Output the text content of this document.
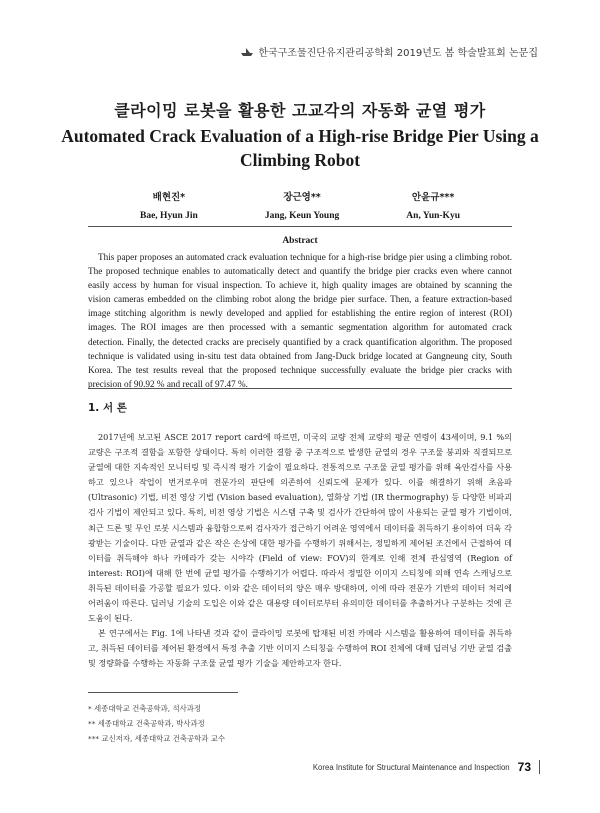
한국구조물진단유지관리공학회 2019년도 봄 학술발표회 논문집
클라이밍 로봇을 활용한 고교각의 자동화 균열 평가
Automated Crack Evaluation of a High-rise Bridge Pier Using a Climbing Robot
배현진*
Bae, Hyun Jin
장근영**
Jang, Keun Young
안윤규***
An, Yun-Kyu
Abstract

This paper proposes an automated crack evaluation technique for a high-rise bridge pier using a climbing robot. The proposed technique enables to automatically detect and quantify the bridge pier cracks even where cannot easily access by human for visual inspection. To achieve it, high quality images are obtained by scanning the vision cameras embedded on the climbing robot along the bridge pier surface. Then, a feature extraction-based image stitching algorithm is newly developed and applied for establishing the entire region of interest (ROI) images. The ROI images are then processed with a semantic segmentation algorithm for automated crack detection. Finally, the detected cracks are precisely quantified by a crack quantification algorithm. The proposed technique is validated using in-situ test data obtained from Jang-Duck bridge located at Gangneung city, South Korea. The test results reveal that the proposed technique successfully evaluate the bridge pier cracks with precision of 90.92 % and recall of 97.47 %.

1. 서 론

2017년에 보고된 ASCE 2017 report card에 따르면, 미국의 교량 전체 교량의 평균 연령이 43세이며, 9.1 %의 교량은 구조적 결함을 포함한 상태이다. 특히 이러한 결함 중 구조적으로 발생한 균열의 경우 구조물 붕괴와 직결되므로 균열에 대한 지속적인 모니터링 및 즉시적 평가 기술이 필요하다. 전통적으로 구조물 균열 평가를 위해 육안검사를 사용하고 있으나 작업이 번거로우며 전문가의 판단에 의존하여 신뢰도에 문제가 있다. 이를 해결하기 위해 초음파 (Ultrasonic) 기법, 비전 영상 기법 (Vision based evaluation), 열화상 기법 (IR thermography) 등 다양한 비파괴 검사 기법이 제안되고 있다. 특히, 비전 영상 기법은 시스템 구축 및 검사가 간단하여 많이 사용되는 균열 평가 기법이며, 최근 드론 및 무인 로봇 시스템과 융합함으로써 검사자가 접근하기 어려운 영역에서 데이터를 취득하기 용이하여 더욱 각광받는 기술이다. 다만 균열과 같은 작은 손상에 대한 평가를 수행하기 위해서는, 정밀하게 제어된 조건에서 근접하여 데이터를 취득해야 하나 카메라가 갖는 시야각 (Field of view: FOV)의 한계로 인해 전체 관심영역 (Region of interest: ROI)에 대해 한 번에 균열 평가를 수행하기가 어렵다. 따라서 정밀한 이미지 스티칭에 의해 연속 스캐닝으로 취득된 데이터를 가공할 필요가 있다. 이와 같은 데이터의 양은 매우 방대하며, 이에 따라 전문가 기반의 데이터 처리에 어려움이 따른다. 딥러닝 기술의 도입은 이와 같은 대용량 데이터로부터 유의미한 데이터를 추출하거나 구분하는 것에 큰 도움이 된다.

본 연구에서는 Fig. 1에 나타낸 것과 같이 클라이밍 로봇에 탑재된 비전 카메라 시스템을 활용하여 데이터를 취득하고, 취득된 데이터를 제어된 환경에서 특정 추출 기반 이미지 스티칭을 수행하여 ROI 전체에 대해 딥러닝 기반 균열 검출 및 정량화를 수행하는 자동화 구조물 균열 평가 기술을 제안하고자 한다.

* 세종대학교 건축공학과, 석사과정
** 세종대학교 건축공학과, 박사과정
*** 교신저자, 세종대학교 건축공학과 교수
Korea Institute for Structural Maintenance and Inspection 73
